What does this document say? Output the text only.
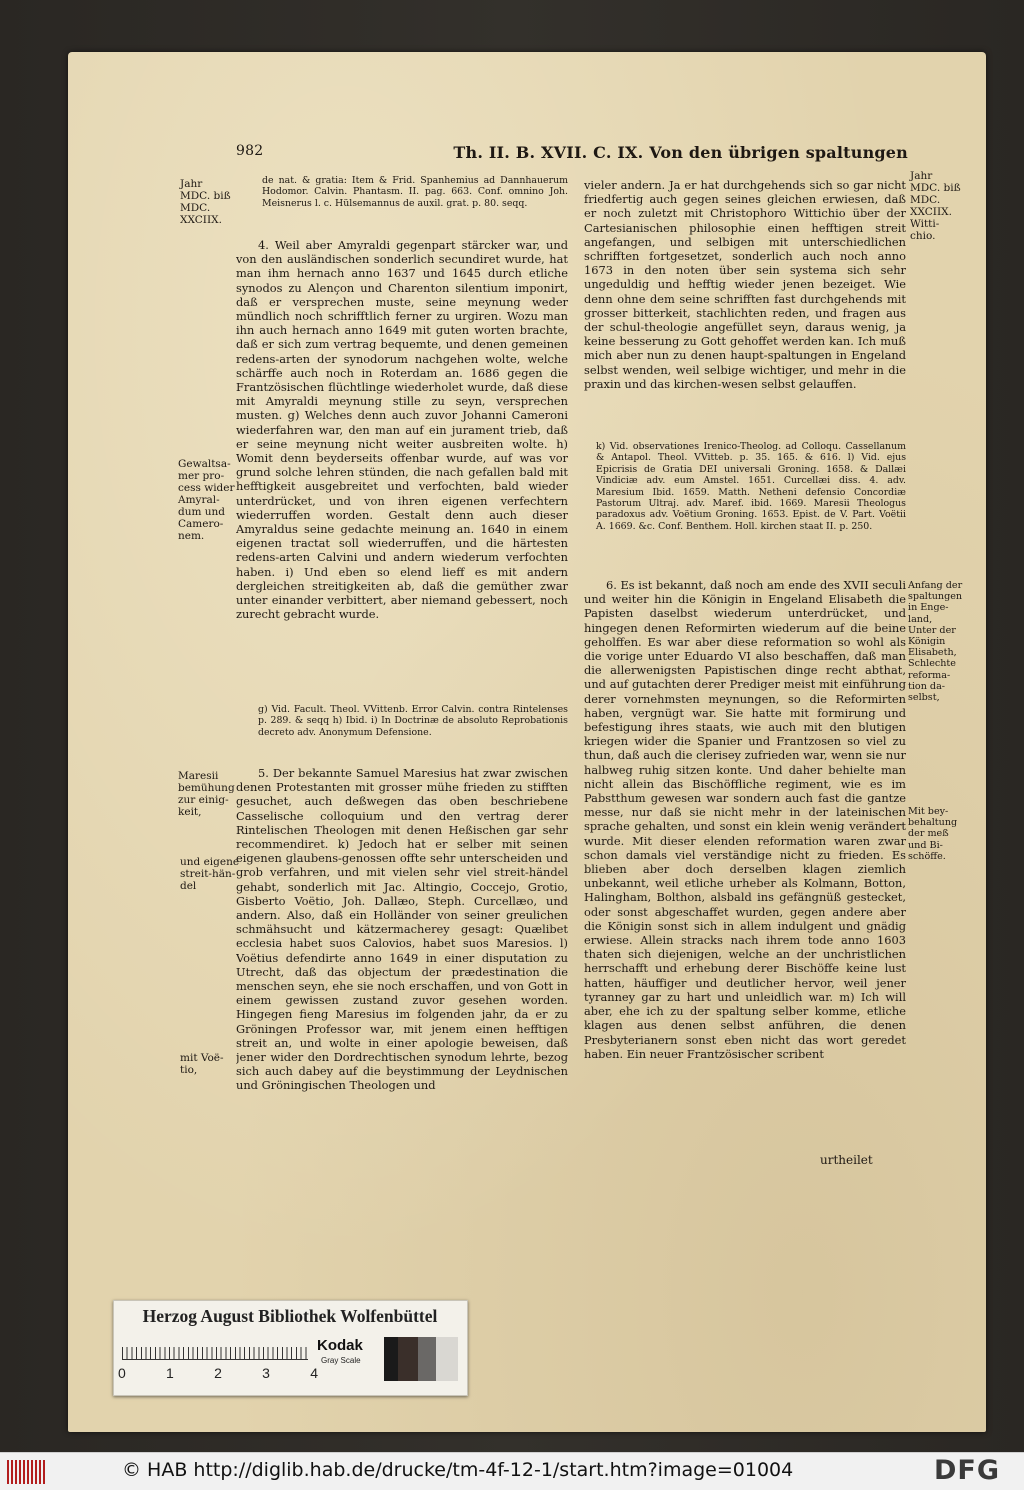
982	Th. II. B. XVII. C. IX. Von den übrigen spaltungen
Jahr
MDC. biß
MDC.
XXCIIX.
Gewaltsa-
mer pro-
cess wider
Amyral-
dum und
Camero-
nem.
Maresii
bemühung
zur einig-
keit,
und eigene
streit-hän-
del
mit Voë-
tio,
Jahr
MDC. biß
MDC.
XXCIIX.
Witti-
chio.
Anfang der
spaltungen
in Enge-
land,
Unter der
Königin
Elisabeth,
Schlechte
reforma-
tion da-
selbst,
Mit bey-
behaltung
der meß
und Bi-
schöffe.
de nat. & gratia: Item & Frid. Spanhemius ad Dannhauerum Hodomor. Calvin. Phantasm. II. pag. 663. Conf. omnino Joh. Meisnerus l. c. Hülsemannus de auxil. grat. p. 80. seqq.
4. Weil aber Amyraldi gegenpart stärcker war, und von den ausländischen sonderlich secundiret wurde, hat man ihm hernach anno 1637 und 1645 durch etliche synodos zu Alençon und Charenton silentium imponirt, daß er versprechen muste, seine meynung weder mündlich noch schrifftlich ferner zu urgiren. Wozu man ihn auch hernach anno 1649 mit guten worten brachte, daß er sich zum vertrag bequemte, und denen gemeinen redens-arten der synodorum nachgehen wolte, welche schärffe auch noch in Roterdam an. 1686 gegen die Frantzösischen flüchtlinge wiederholet wurde, daß diese mit Amyraldi meynung stille zu seyn, versprechen musten. g) Welches denn auch zuvor Johanni Cameroni wiederfahren war, den man auf ein jurament trieb, daß er seine meynung nicht weiter ausbreiten wolte. h) Womit denn beyderseits offenbar wurde, auf was vor grund solche lehren stünden, die nach gefallen bald mit hefftigkeit ausgebreitet und verfochten, bald wieder unterdrücket, und von ihren eigenen verfechtern wiederruffen worden. Gestalt denn auch dieser Amyraldus seine gedachte meinung an. 1640 in einem eigenen tractat soll wiederruffen, und die härtesten redens-arten Calvini und andern wiederum verfochten haben. i) Und eben so elend lieff es mit andern dergleichen streitigkeiten ab, daß die gemüther zwar unter einander verbittert, aber niemand gebessert, noch zurecht gebracht wurde.
g) Vid. Facult. Theol. VVittenb. Error Calvin. contra Rintelenses p. 289. & seqq h) Ibid. i) In Doctrinæ de absoluto Reprobationis decreto adv. Anonymum Defensione.
5. Der bekannte Samuel Maresius hat zwar zwischen denen Protestanten mit grosser mühe frieden zu stifften gesuchet, auch deßwegen das oben beschriebene Casselische colloquium und den vertrag derer Rintelischen Theologen mit denen Heßischen gar sehr recommendiret. k) Jedoch hat er selber mit seinen eigenen glaubens-genossen offte sehr unterscheiden und grob verfahren, und mit vielen sehr viel streit-händel gehabt, sonderlich mit Jac. Altingio, Coccejo, Grotio, Gisberto Voëtio, Joh. Dallæo, Steph. Curcellæo, und andern. Also, daß ein Holländer von seiner greulichen schmähsucht und kätzermacherey gesagt: Quælibet ecclesia habet suos Calovios, habet suos Maresios. l) Voëtius defendirte anno 1649 in einer disputation zu Utrecht, daß das objectum der prædestination die menschen seyn, ehe sie noch erschaffen, und von Gott in einem gewissen zustand zuvor gesehen worden. Hingegen fieng Maresius im folgenden jahr, da er zu Gröningen Professor war, mit jenem einen hefftigen streit an, und wolte in einer apologie beweisen, daß jener wider den Dordrechtischen synodum lehrte, bezog sich auch dabey auf die beystimmung der Leydnischen und Gröningischen Theologen und
vieler andern. Ja er hat durchgehends sich so gar nicht friedfertig auch gegen seines gleichen erwiesen, daß er noch zuletzt mit Christophoro Wittichio über der Cartesianischen philosophie einen hefftigen streit angefangen, und selbigen mit unterschiedlichen schrifften fortgesetzet, sonderlich auch noch anno 1673 in den noten über sein systema sich sehr ungeduldig und hefftig wieder jenen bezeiget. Wie denn ohne dem seine schrifften fast durchgehends mit grosser bitterkeit, stachlichten reden, und fragen aus der schul-theologie angefüllet seyn, daraus wenig, ja keine besserung zu Gott gehoffet werden kan. Ich muß mich aber nun zu denen haupt-spaltungen in Engeland selbst wenden, weil selbige wichtiger, und mehr in die praxin und das kirchen-wesen selbst gelauffen.
k) Vid. observationes Irenico-Theolog. ad Colloqu. Cassellanum & Antapol. Theol. VVitteb. p. 35. 165. & 616. l) Vid. ejus Epicrisis de Gratia DEI universali Groning. 1658. & Dallæi Vindiciæ adv. eum Amstel. 1651. Curcellæi diss. 4. adv. Maresium Ibid. 1659. Matth. Netheni defensio Concordiæ Pastorum Ultraj. adv. Maref. ibid. 1669. Maresii Theologus paradoxus adv. Voëtium Groning. 1653. Epist. de V. Part. Voëtii A. 1669. &c. Conf. Benthem. Holl. kirchen staat II. p. 250.
6. Es ist bekannt, daß noch am ende des XVII seculi und weiter hin die Königin in Engeland Elisabeth die Papisten daselbst wiederum unterdrücket, und hingegen denen Reformirten wiederum auf die beine geholffen. Es war aber diese reformation so wohl als die vorige unter Eduardo VI also beschaffen, daß man die allerwenigsten Papistischen dinge recht abthat, und auf gutachten derer Prediger meist mit einführung derer vornehmsten meynungen, so die Reformirten haben, vergnügt war. Sie hatte mit formirung und befestigung ihres staats, wie auch mit den blutigen kriegen wider die Spanier und Frantzosen so viel zu thun, daß auch die clerisey zufrieden war, wenn sie nur halbweg ruhig sitzen konte. Und daher behielte man nicht allein das Bischöffliche regiment, wie es im Pabstthum gewesen war sondern auch fast die gantze messe, nur daß sie nicht mehr in der lateinischen sprache gehalten, und sonst ein klein wenig verändert wurde. Mit dieser elenden reformation waren zwar schon damals viel verständige nicht zu frieden. Es blieben aber doch derselben klagen ziemlich unbekannt, weil etliche urheber als Kolmann, Botton, Halingham, Bolthon, alsbald ins gefängnüß gestecket, oder sonst abgeschaffet wurden, gegen andere aber die Königin sonst sich in allem indulgent und gnädig erwiese. Allein stracks nach ihrem tode anno 1603 thaten sich diejenigen, welche an der unchristlichen herrschafft und erhebung derer Bischöffe keine lust hatten, häuffiger und deutlicher hervor, weil jener tyranney gar zu hart und unleidlich war. m) Ich will aber, ehe ich zu der spaltung selber komme, etliche klagen aus denen selbst anführen, die denen Presbyterianern sonst eben nicht das wort geredet haben. Ein neuer Frantzösischer scribent
urtheilet
Herzog August Bibliothek Wolfenbüttel
0	1	2	3	4
Kodak
Gray Scale
© HAB http://diglib.hab.de/drucke/tm-4f-12-1/start.htm?image=01004	DFG
